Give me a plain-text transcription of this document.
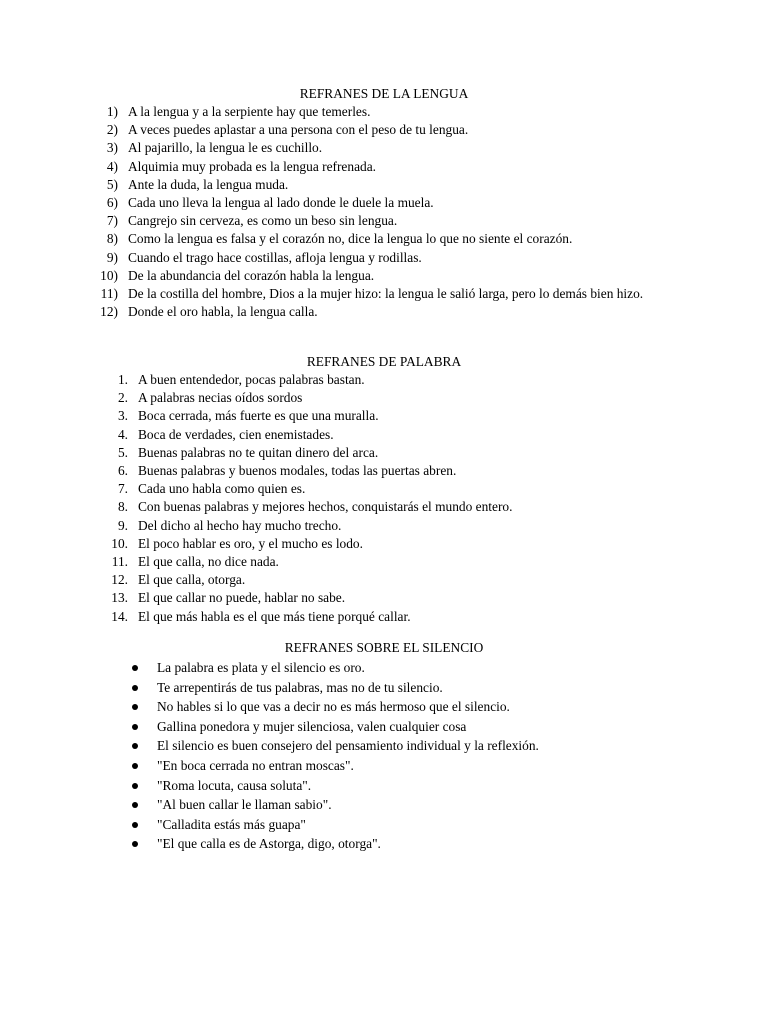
REFRANES DE LA LENGUA
1) A la lengua y a la serpiente hay que temerles.
2) A veces puedes aplastar a una persona con el peso de tu lengua.
3) Al pajarillo, la lengua le es cuchillo.
4) Alquimia muy probada es la lengua refrenada.
5) Ante la duda, la lengua muda.
6) Cada uno lleva la lengua al lado donde le duele la muela.
7) Cangrejo sin cerveza, es como un beso sin lengua.
8) Como la lengua es falsa y el corazón no, dice la lengua lo que no siente el corazón.
9) Cuando el trago hace costillas, afloja lengua y rodillas.
10) De la abundancia del corazón habla la lengua.
11) De la costilla del hombre, Dios a la mujer hizo: la lengua le salió larga, pero lo demás bien hizo.
12) Donde el oro habla, la lengua calla.
REFRANES DE PALABRA
1. A buen entendedor, pocas palabras bastan.
2. A palabras necias oídos sordos
3. Boca cerrada, más fuerte es que una muralla.
4. Boca de verdades, cien enemistades.
5. Buenas palabras no te quitan dinero del arca.
6. Buenas palabras y buenos modales, todas las puertas abren.
7. Cada uno habla como quien es.
8. Con buenas palabras y mejores hechos, conquistarás el mundo entero.
9. Del dicho al hecho hay mucho trecho.
10. El poco hablar es oro, y el mucho es lodo.
11. El que calla, no dice nada.
12. El que calla, otorga.
13. El que callar no puede, hablar no sabe.
14. El que más habla es el que más tiene porqué callar.
REFRANES SOBRE EL SILENCIO
La palabra es plata y el silencio es oro.
Te arrepentirás de tus palabras, mas no de tu silencio.
No hables si lo que vas a decir no es más hermoso que el silencio.
Gallina ponedora y mujer silenciosa, valen cualquier cosa
El silencio es buen consejero del pensamiento individual y la reflexión.
"En boca cerrada no entran moscas".
"Roma locuta, causa soluta".
"Al buen callar le llaman sabio".
"Calladita estás más guapa"
"El que calla es de Astorga, digo, otorga".
